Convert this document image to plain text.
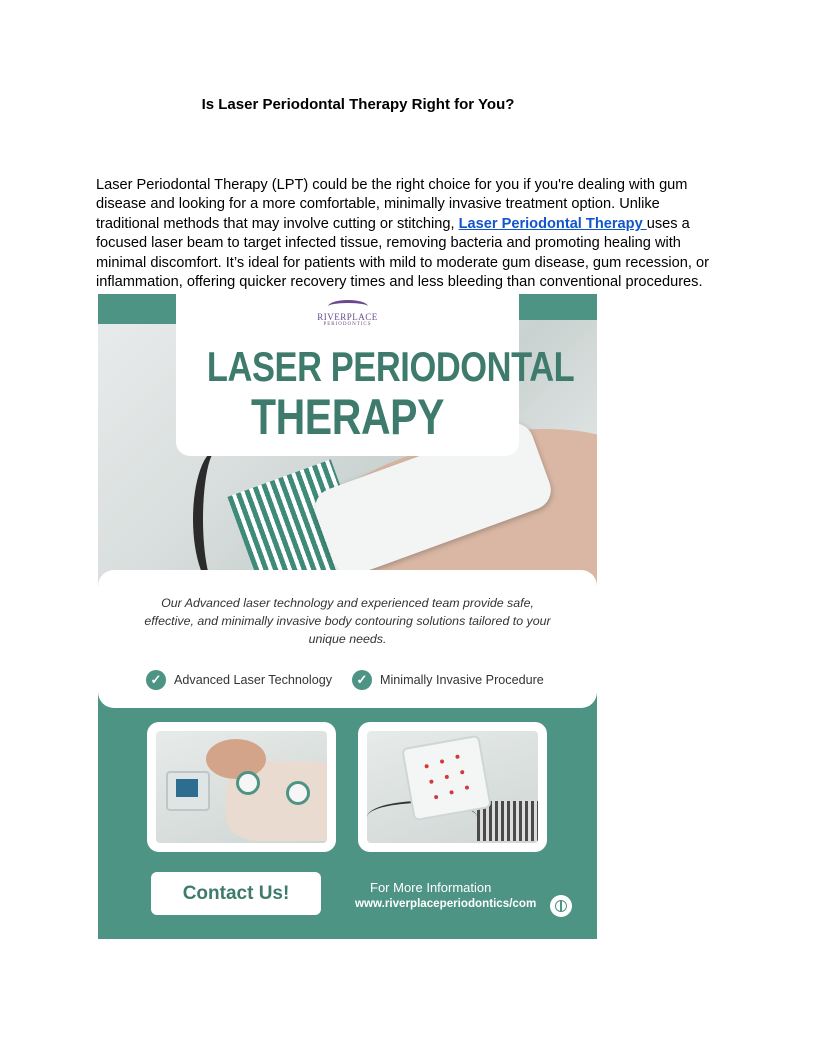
Is Laser Periodontal Therapy Right for You?

Laser Periodontal Therapy (LPT) could be the right choice for you if you're dealing with gum disease and looking for a more comfortable, minimally invasive treatment option. Unlike traditional methods that may involve cutting or stitching, Laser Periodontal Therapy uses a focused laser beam to target infected tissue, removing bacteria and promoting healing with minimal discomfort. It’s ideal for patients with mild to moderate gum disease, gum recession, or inflammation, offering quicker recovery times and less bleeding than conventional procedures.

RIVERPLACE
PERIODONTICS
LASER PERIODONTAL
THERAPY

Our Advanced laser technology and experienced team provide safe, effective, and minimally invasive body contouring solutions tailored to your unique needs.

✓ Advanced Laser Technology	✓ Minimally Invasive Procedure
Contact Us!	For More Information

www.riverplaceperiodontics/com
